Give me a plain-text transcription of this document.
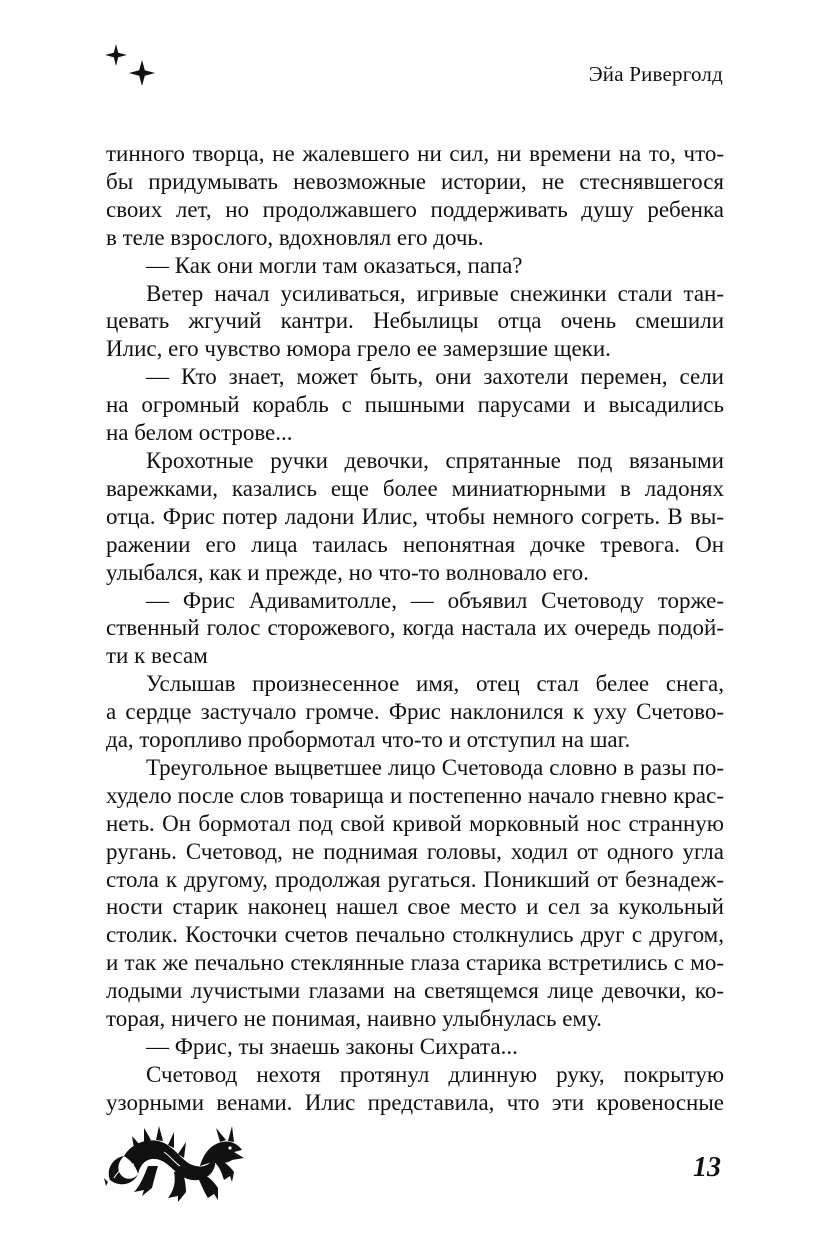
Эйа Риверголд

тинного творца, не жалевшего ни сил, ни времени на то, что-

бы придумывать невозможные истории, не стеснявшегося

своих лет, но продолжавшего поддерживать душу ребенка

в теле взрослого, вдохновлял его дочь.

— Как они могли там оказаться, папа?

Ветер начал усиливаться, игривые снежинки стали тан-

цевать жгучий кантри. Небылицы отца очень смешили

Илис, его чувство юмора грело ее замерзшие щеки.

— Кто знает, может быть, они захотели перемен, сели

на огромный корабль с пышными парусами и высадились

на белом острове...

Крохотные ручки девочки, спрятанные под вязаными

варежками, казались еще более миниатюрными в ладонях

отца. Фрис потер ладони Илис, чтобы немного согреть. В вы-

ражении его лица таилась непонятная дочке тревога. Он

улыбался, как и прежде, но что-то волновало его.

— Фрис Адивамитолле, — объявил Счетоводу торже-

ственный голос сторожевого, когда настала их очередь подой-

ти к весам

Услышав произнесенное имя, отец стал белее снега,

а сердце застучало громче. Фрис наклонился к уху Счетово-

да, торопливо пробормотал что-то и отступил на шаг.

Треугольное выцветшее лицо Счетовода словно в разы по-

худело после слов товарища и постепенно начало гневно крас-

неть. Он бормотал под свой кривой морковный нос странную

ругань. Счетовод, не поднимая головы, ходил от одного угла

стола к другому, продолжая ругаться. Поникший от безнадеж-

ности старик наконец нашел свое место и сел за кукольный

столик. Косточки счетов печально столкнулись друг с другом,

и так же печально стеклянные глаза старика встретились с мо-

лодыми лучистыми глазами на светящемся лице девочки, ко-

торая, ничего не понимая, наивно улыбнулась ему.

— Фрис, ты знаешь законы Сихрата...

Счетовод нехотя протянул длинную руку, покрытую

узорными венами. Илис представила, что эти кровеносные

13
